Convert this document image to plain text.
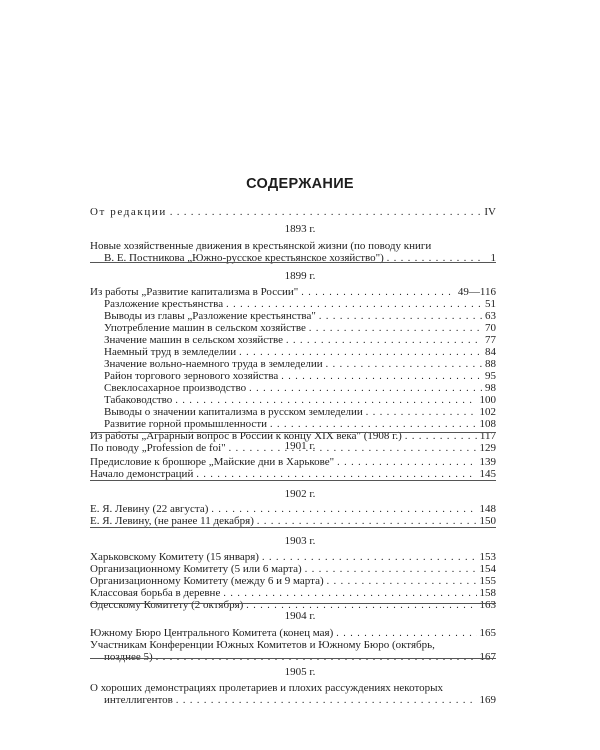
СОДЕРЖАНИЕ
От редакции . . .	IV
1893 г.
Новые хозяйственные движения в крестьянской жизни (по поводу книги
В. Е. Постникова „Южно-русское крестьянское хозяйство") . . .	1
1899 г.
Из работы „Развитие капитализма в России" . . .	49—116
Разложение крестьянства . . .	51
Выводы из главы „Разложение крестьянства" . . .	63
Употребление машин в сельском хозяйстве . . .	70
Значение машин в сельском хозяйстве . . .	77
Наемный труд в земледелии . . .	84
Значение вольно-наемного труда в земледелии . . .	88
Район торгового зернового хозяйства . . .	95
Свеклосахарное производство . . .	98
Табаководство . . .	100
Выводы о значении капитализма в русском земледелии . . .	102
Развитие горной промышленности . . .	108
Из работы „Аграрный вопрос в России к концу XIX века" (1908 г.) . . .	117
По поводу „Profession de foi" . . .	129
1901 г.
Предисловие к брошюре „Майские дни в Харькове" . . .	139
Начало демонстраций . . .	145
1902 г.
Е. Я. Левину (22 августа) . . .	148
Е. Я. Левину, (не ранее 11 декабря) . . .	150
1903 г.
Харьковскому Комитету (15 января) . . .	153
Организационному Комитету (5 или 6 марта) . . .	154
Организационному Комитету (между 6 и 9 марта) . . .	155
Классовая борьба в деревне . . .	158
Одесскому Комитету (2 октября) . . .	163
1904 г.
Южному Бюро Центрального Комитета (конец мая) . . .	165
Участникам Конференции Южных Комитетов и Южному Бюро (октябрь,
позднее 5) . . .	167
1905 г.
О хороших демонстрациях пролетариев и плохих рассуждениях некоторых
интеллигентов . . .	169
